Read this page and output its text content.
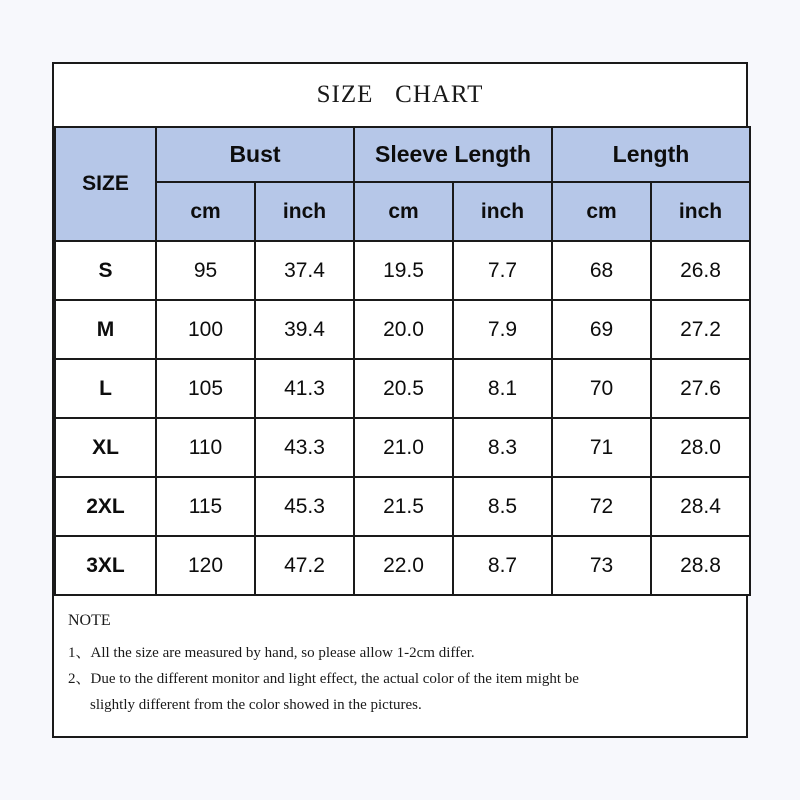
SIZE   CHART
SIZE	Bust		Sleeve Length		Length	
	cm	inch	cm	inch	cm	inch
S	95	37.4	19.5	7.7	68	26.8
M	100	39.4	20.0	7.9	69	27.2
L	105	41.3	20.5	8.1	70	27.6
XL	110	43.3	21.0	8.3	71	28.0
2XL	115	45.3	21.5	8.5	72	28.4
3XL	120	47.2	22.0	8.7	73	28.8
NOTE
1、All the size are measured by hand, so please allow 1-2cm differ.
2、Due to the different monitor and light effect, the actual color of the item might be
slightly different from the color showed in the pictures.
